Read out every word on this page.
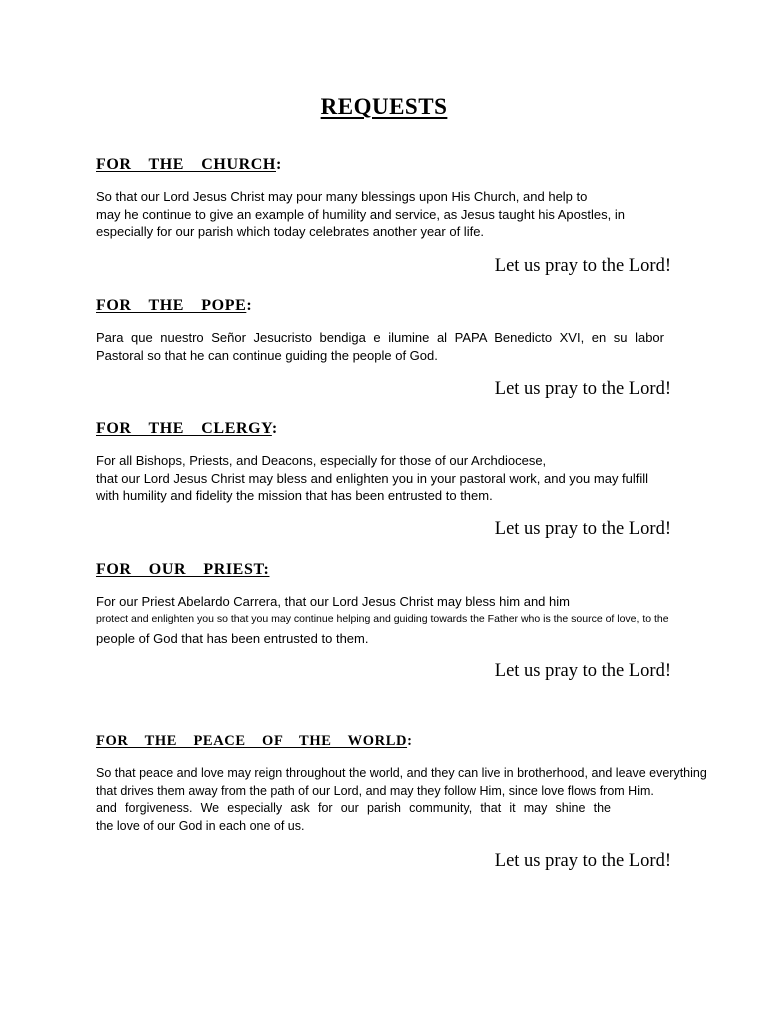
REQUESTS
FOR  THE  CHURCH:
So that our Lord Jesus Christ may pour many blessings upon His Church, and help to
may he continue to give an example of humility and service, as Jesus taught his Apostles, in
especially for our parish which today celebrates another year of life.
Let us pray to the Lord!
FOR  THE  POPE:
Para que nuestro Señor Jesucristo bendiga e ilumine al PAPA Benedicto XVI, en su labor
Pastoral so that he can continue guiding the people of God.
Let us pray to the Lord!
FOR  THE  CLERGY:
For all Bishops, Priests, and Deacons, especially for those of our Archdiocese,
that our Lord Jesus Christ may bless and enlighten you in your pastoral work, and you may fulfill
with humility and fidelity the mission that has been entrusted to them.
Let us pray to the Lord!
FOR  OUR  PRIEST:
For our Priest Abelardo Carrera, that our Lord Jesus Christ may bless him and him
protect and enlighten you so that you may continue helping and guiding towards the Father who is the source of love, to the
people of God that has been entrusted to them.
Let us pray to the Lord!
FOR  THE  PEACE  OF  THE  WORLD:
So that peace and love may reign throughout the world, and they can live in brotherhood, and leave everything
that drives them away from the path of our Lord, and may they follow Him, since love flows from Him.
and forgiveness. We especially ask for our parish community, that it may shine the
the love of our God in each one of us.
Let us pray to the Lord!
